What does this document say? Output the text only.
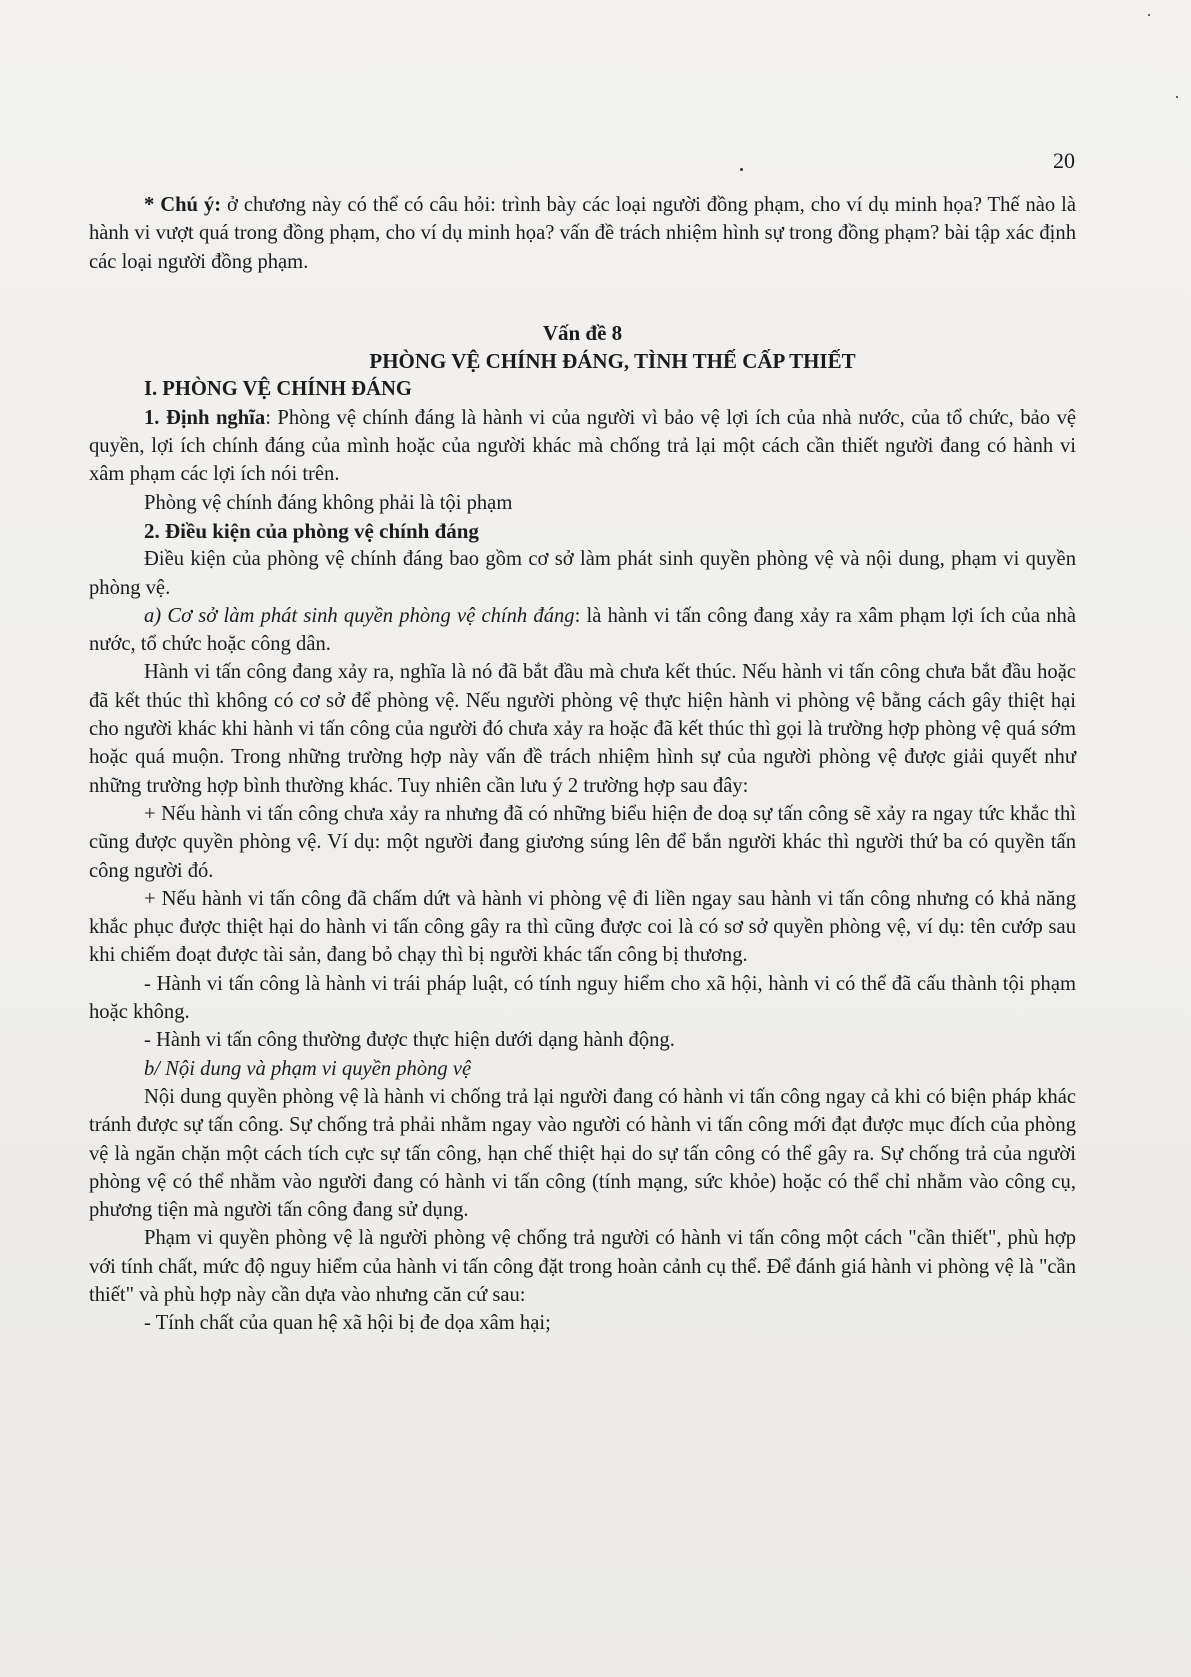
20

* Chú ý: ở chương này có thể có câu hỏi: trình bày các loại người đồng phạm, cho ví dụ minh họa? Thế nào là hành vi vượt quá trong đồng phạm, cho ví dụ minh họa? vấn đề trách nhiệm hình sự trong đồng phạm? bài tập xác định các loại người đồng phạm.

Vấn đề 8

PHÒNG VỆ CHÍNH ĐÁNG, TÌNH THẾ CẤP THIẾT

I. PHÒNG VỆ CHÍNH ĐÁNG

1. Định nghĩa: Phòng vệ chính đáng là hành vi của người vì bảo vệ lợi ích của nhà nước, của tổ chức, bảo vệ quyền, lợi ích chính đáng của mình hoặc của người khác mà chống trả lại một cách cần thiết người đang có hành vi xâm phạm các lợi ích nói trên.

Phòng vệ chính đáng không phải là tội phạm

2. Điều kiện của phòng vệ chính đáng

Điều kiện của phòng vệ chính đáng bao gồm cơ sở làm phát sinh quyền phòng vệ và nội dung, phạm vi quyền phòng vệ.

a) Cơ sở làm phát sinh quyền phòng vệ chính đáng: là hành vi tấn công đang xảy ra xâm phạm lợi ích của nhà nước, tổ chức hoặc công dân.

Hành vi tấn công đang xảy ra, nghĩa là nó đã bắt đầu mà chưa kết thúc. Nếu hành vi tấn công chưa bắt đầu hoặc đã kết thúc thì không có cơ sở để phòng vệ. Nếu người phòng vệ thực hiện hành vi phòng vệ bằng cách gây thiệt hại cho người khác khi hành vi tấn công của người đó chưa xảy ra hoặc đã kết thúc thì gọi là trường hợp phòng vệ quá sớm hoặc quá muộn. Trong những trường hợp này vấn đề trách nhiệm hình sự của người phòng vệ được giải quyết như những trường hợp bình thường khác. Tuy nhiên cần lưu ý 2 trường hợp sau đây:

+ Nếu hành vi tấn công chưa xảy ra nhưng đã có những biểu hiện đe doạ sự tấn công sẽ xảy ra ngay tức khắc thì cũng được quyền phòng vệ. Ví dụ: một người đang giương súng lên để bắn người khác thì người thứ ba có quyền tấn công người đó.

+ Nếu hành vi tấn công đã chấm dứt và hành vi phòng vệ đi liền ngay sau hành vi tấn công nhưng có khả năng khắc phục được thiệt hại do hành vi tấn công gây ra thì cũng được coi là có sơ sở quyền phòng vệ, ví dụ: tên cướp sau khi chiếm đoạt được tài sản, đang bỏ chạy thì bị người khác tấn công bị thương.

- Hành vi tấn công là hành vi trái pháp luật, có tính nguy hiểm cho xã hội, hành vi có thể đã cấu thành tội phạm hoặc không.

- Hành vi tấn công thường được thực hiện dưới dạng hành động.

b/ Nội dung và phạm vi quyền phòng vệ

Nội dung quyền phòng vệ là hành vi chống trả lại người đang có hành vi tấn công ngay cả khi có biện pháp khác tránh được sự tấn công. Sự chống trả phải nhằm ngay vào người có hành vi tấn công mới đạt được mục đích của phòng vệ là ngăn chặn một cách tích cực sự tấn công, hạn chế thiệt hại do sự tấn công có thể gây ra. Sự chống trả của người phòng vệ có thể nhằm vào người đang có hành vi tấn công (tính mạng, sức khỏe) hoặc có thể chỉ nhằm vào công cụ, phương tiện mà người tấn công đang sử dụng.

Phạm vi quyền phòng vệ là người phòng vệ chống trả người có hành vi tấn công một cách "cần thiết", phù hợp với tính chất, mức độ nguy hiểm của hành vi tấn công đặt trong hoàn cảnh cụ thể. Để đánh giá hành vi phòng vệ là "cần thiết" và phù hợp này cần dựa vào nhưng căn cứ sau:

- Tính chất của quan hệ xã hội bị đe dọa xâm hại;
